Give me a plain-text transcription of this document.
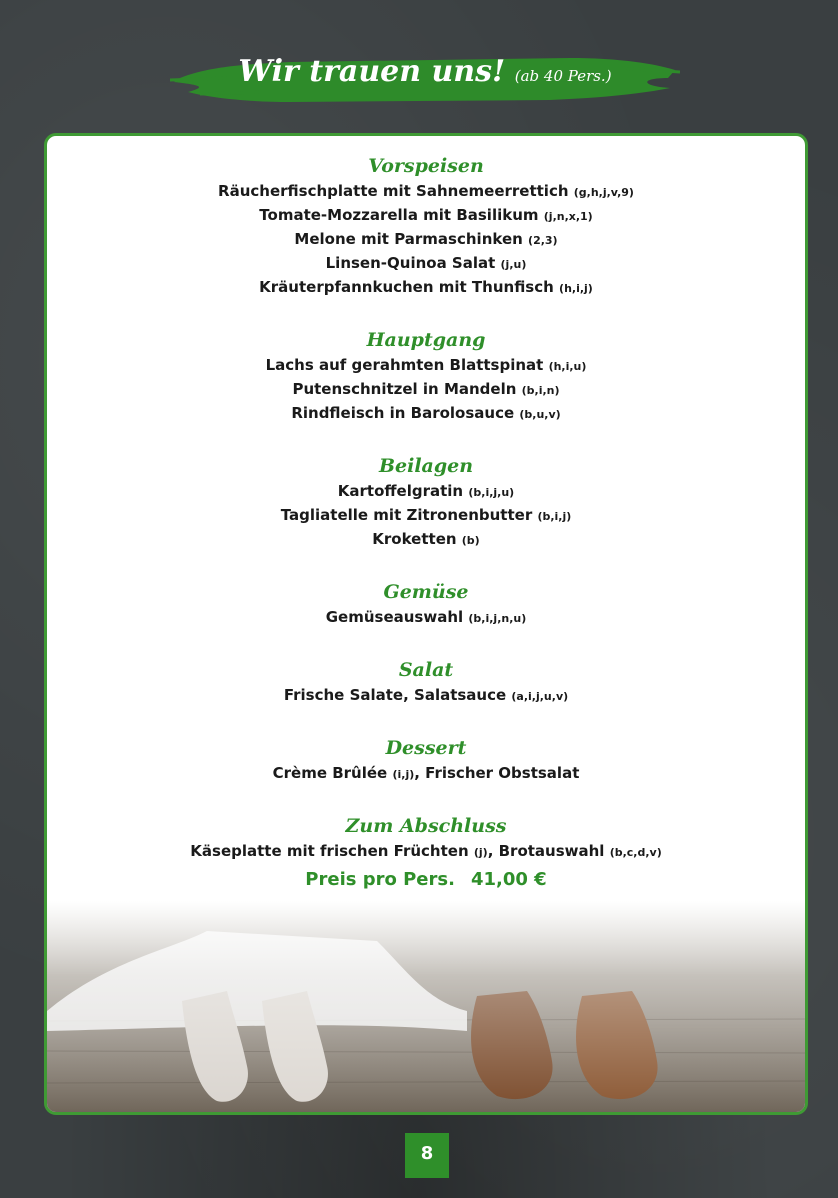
Wir trauen uns! (ab 40 Pers.)
Vorspeisen
Räucherfischplatte mit Sahnemeerrettich (g,h,j,v,9)
Tomate-Mozzarella mit Basilikum (j,n,x,1)
Melone mit Parmaschinken (2,3)
Linsen-Quinoa Salat (j,u)
Kräuterpfannkuchen mit Thunfisch (h,i,j)
Hauptgang
Lachs auf gerahmten Blattspinat (h,i,u)
Putenschnitzel in Mandeln (b,i,n)
Rindfleisch in Barolosauce (b,u,v)
Beilagen
Kartoffelgratin (b,i,j,u)
Tagliatelle mit Zitronenbutter (b,i,j)
Kroketten (b)
Gemüse
Gemüseauswahl (b,i,j,n,u)
Salat
Frische Salate, Salatsauce (a,i,j,u,v)
Dessert
Crème Brûlée (i,j), Frischer Obstsalat
Zum Abschluss
Käseplatte mit frischen Früchten (j), Brotauswahl (b,c,d,v)
Preis pro Pers. 41,00 €
8
